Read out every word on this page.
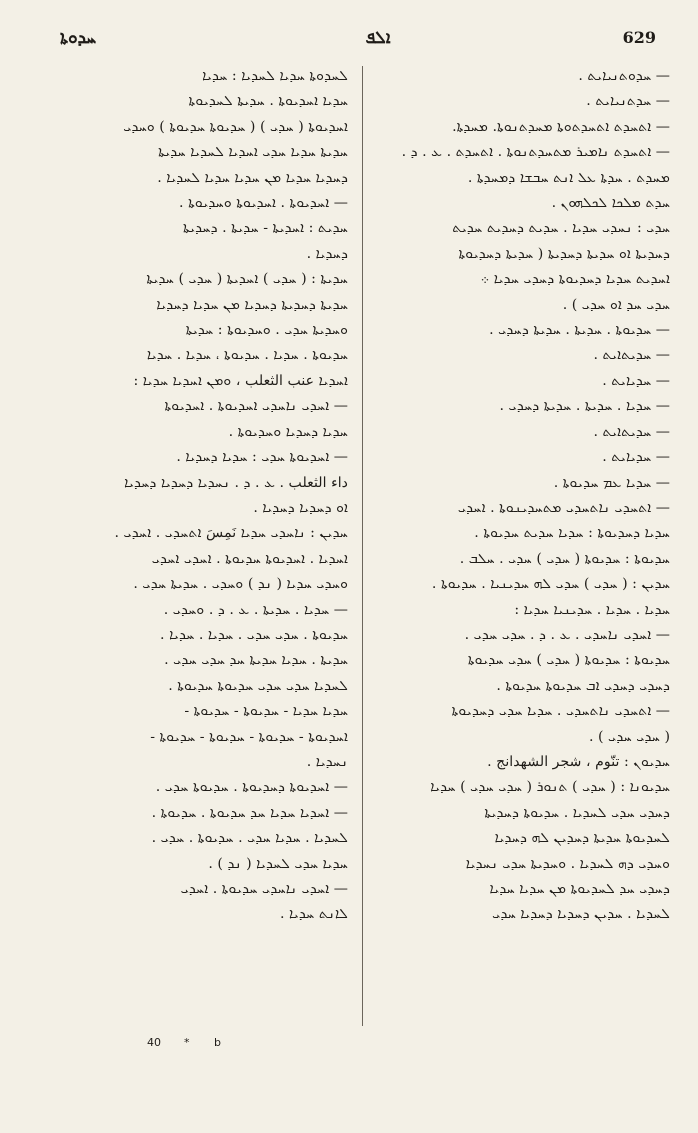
ܚܕܘܬܐ	ܐܠܦ	629
— ܚܕܘܬܢܝܐܝܬ .
— ܚܕܬܢܝܐܝܬ .
— ܐܬܚܕܬ ܐܬܚܕܬܘܬܐ ܡܚܕܬܢܘܬܐ. ܡܚܕܬܐ.
— ܐܬܚܕܬ ܢܐܡܝܪ ܡܬܚܕܬܢܘܬܐ . ܐܬܚܕܬ . ܥ . ܕ .
ܡܚܕܬ . ܚܕܬܐ ܥܠ ܐܢܬ ܚܒܫܐ ܕܡܚܕܬܐ .
ܚܕܬ ܡܠܟܐ ܠܟܠܗܘܢ .
ܚܕܝ : ܢܚܕܝ ܚܕܝܐ . ܚܕܝܬ ܕܚܕܝܬ ܚܕܝܬ
ܕܚܕܝܬܐ ܐܘ ܚܕܝܬܐ ܕܚܕܝܬܐ ( ܚܕܝܬܐ ܕܚܕܝܘܬܐ
ܐܚܕܝܬ ܚܕܝܐ ܕܚܕܝܘܬܐ ܕܚܕܝ ܚܕܝܐ ܀
ܚܕܝ ܚܕ ܐܘ ܚܕܝ ) .
— ܚܕܝܘܬܐ . ܚܕܝܬܐ . ܚܕܝܬܐ ܕܚܕܝ .
— ܚܕܝܬܐܝܬ .
— ܚܕܝܐܝܬ .
— ܚܕܝܐ . ܚܕܝܬܐ . ܚܕܝܬܐ ܕܚܕܝ .
— ܚܕܝܬܐܝܬ .
— ܚܕܝܐܝܬ .
— ܚܕܝܐ ܥܡ ܚܕܝܘܬܐ .
— ܐܬܚܕܝ ܢܐܬܚܕܝ ܡܬܚܕܝܢܘܬܐ . ܐܚܕܝ
ܚܕܝܐ ܕܚܕܝܘܬܐ : ܚܕܝܐ ܚܕܝܬ ܚܕܝܘܬܐ .
ܚܕܝܘܬܐ : ܚܕܝܘܬܐ ( ܚܕܝ ) ܚܕܝ . ܚܠܒ .
ܚܕܝܢ : ( ܚܕܝ ) ܚܕܝ ܠܗ ܚܕܝܢܝܐ . ܚܕܝܘܬܐ .
ܚܕܝܐ . ܚܕܝܐ . ܚܕܝܢܝܐ ܚܕܝܐ :
— ܐܚܕܝ ܢܐܚܕܝ . ܥ . ܕ . ܚܕܝ ܚܕܝ .
ܚܕܝܘܬܐ : ܚܕܝܘܬܐ ( ܚܕܝ ) ܚܕܝ ܚܕܝܘܬܐ
ܕܚܕܝ ܕܚܕܝ ܐܒ ܚܕܝܘܬܐ ܚܕܝܘܬܐ .
— ܐܬܚܕܝ ܢܐܬܚܕܝ . ܚܕܝܐ ܚܕܝ ܕܚܕܝܘܬܐ
( ܚܕܝ ܚܕܝ ) .
ܚܕܝܘܢ : تنّوم ، شجر الشهدانج .
ܚܕܝܘܢܐ : ( ܚܕܝ ) ܬܢܘܪ ( ܚܕܝ ܚܕܝ ) ܚܕܝܐ
ܕܚܕܝ ܚܕܝ ܠܚܕܝܐ . ܚܕܝܘܬܐ ܕܚܕܝܬܐ
ܠܚܕܝܘܬܐ ܚܕܝܬܐ ܕܚܕܝܢ ܠܗ ܕܚܕܝܐ
ܘܚܕܝ ܕܗ ܠܚܕܝܐ . ܘܚܕܝܬܐ ܚܕܝ ܢܚܕܝܐ
ܕܚܕܝ ܚܕ ܠܚܕܝܘܬܐ ܡܢ ܚܕܝܐ ܚܕܝܐ
ܠܚܕܝܐ . ܚܕܝܢ ܕܚܕܝܐ ܕܚܕܝܐ ܚܕܝ
ܠܚܕܘܬܐ ܚܕܝܐ ܠܚܕܝܐ : ܚܕܝܐ
ܚܕܝܐ ܐܚܕܝܘܬܐ . ܚܕܝܬܐ ܠܚܕܝܘܬܐ
ܐܚܕܝܘܬܐ ( ܚܕܝ ) ( ܚܕܝܘܬܐ ܚܕܝܘܬܐ ) ܘܚܕܝ
ܚܕܝܬܐ ܚܕܝܐ ܚܕܝ ܐܚܕܝܐ ܠܚܕܝܐ ܚܕܝܬܐ
ܕܚܕܝܐ ܚܕܝܐ ܡܢ ܚܕܝܐ ܚܕܝܐ ܠܚܕܝܐ .
— ܐܚܕܝܘܬܐ . ܐܚܕܝܘܬܐ ܘܚܕܝܘܬܐ .
ܚܕܝܬ : ܐܚܕܝܬܐ - ܚܕܝܬܐ . ܕܚܕܝܬܐ
ܕܚܕܝܐ .
ܚܕܝܬܐ : ( ܚܕܝ ) ܐܚܕܝܬܐ ( ܚܕܝ ) ܚܕܝܬܐ
ܚܕܝܬܐ ܕܚܕܝܬܐ ܕܚܕܝܐ ܡܢ ܚܕܝܐ ܕܚܕܝܐ
ܘܚܕܝܬܐ ܚܕܝ . ܘܚܕܝܘܬܐ : ܚܕܝܬܐ
ܚܕܝܘܬܐ . ܚܕܝܐ . ܚܕܝܘܬܐ ، ܚܕܝܐ . ܚܕܝܐ
ܐܚܕܝܐ عنب الثعلب ، ܘܡܢ ܐܚܕܝܐ ܚܕܝܐ :
— ܐܚܕܝ ܢܐܚܕܝ ܐܚܕܝܘܬܐ . ܐܚܕܝܘܬܐ
ܚܕܝܐ ܕܚܕܝܐ ܘܚܕܝܘܬܐ .
— ܐܚܕܝܘܬܐ ܚܕܝ : ܚܕܝܐ ܕܚܕܝܐ .
داء الثعلب . ܥ . ܕ . ܢܚܕܝܐ ܕܚܕܝܐ ܕܚܕܝܐ
ܐܘ ܕܚܕܝܐ ܕܚܕܝܐ .
ܚܕܝܢ : ܢܐܚܕܝ ܚܕܝܐ نَمِسَ ܐܬܚܕܝ . ܐܚܕܝ .
ܐܚܕܝܐ . ܐܚܕܝܘܬܐ ܚܕܝܘܬܐ . ܐܚܕܝ ܐܚܕܝ
ܘܚܕܝ ܚܕܝܐ ( ܢܕ ) ܘܚܕܝ . ܚܕܝܬܐ ܚܕܝ .
— ܚܕܝܐ . ܚܕܝܬܐ . ܥ . ܕ . ܘܚܕܝ .
ܚܕܝܘܬܐ . ܚܕܝ ܚܕܝ . ܚܕܝܐ . ܚܕܝܐ .
ܚܕܝܬܐ . ܚܕܝܐ ܚܕܝܬܐ ܚܕ ܚܕܝ ܚܕܝ .
ܠܚܕܝܐ ܚܕܝ ܚܕܝ ܚܕܝܘܬܐ ܚܕܝܘܬܐ .
ܚܕܝܐ ܚܕܝܐ - ܚܕܝܘܬܐ - ܚܕܝܘܬܐ -
ܐܚܕܝܘܬܐ - ܚܕܝܘܬܐ - ܚܕܝܘܬܐ - ܚܕܝܘܬܐ -
ܢܚܕܝܐ .
— ܐܚܕܝܘܬܐ ܕܚܕܝܘܬܐ . ܚܕܝܘܬܐ ܚܕܝ .
— ܐܚܕܝܐ ܚܕܝܐ ܚܕ ܚܕܝܘܬܐ . ܚܕܝܘܬܐ .
ܠܚܕܝܐ . ܚܕܝܐ ܚܕܝ . ܚܕܝܘܬܐ . ܚܕܝ .
ܚܕܝܐ ܚܕܝ ܠܚܕܝܐ ( ܢܕ ) .
— ܐܚܕܝ ܢܐܚܕܝ ܚܕܝܘܬܐ . ܐܚܕܝ
ܠܐܢܬ ܚܕܝܐ .
40 * b
